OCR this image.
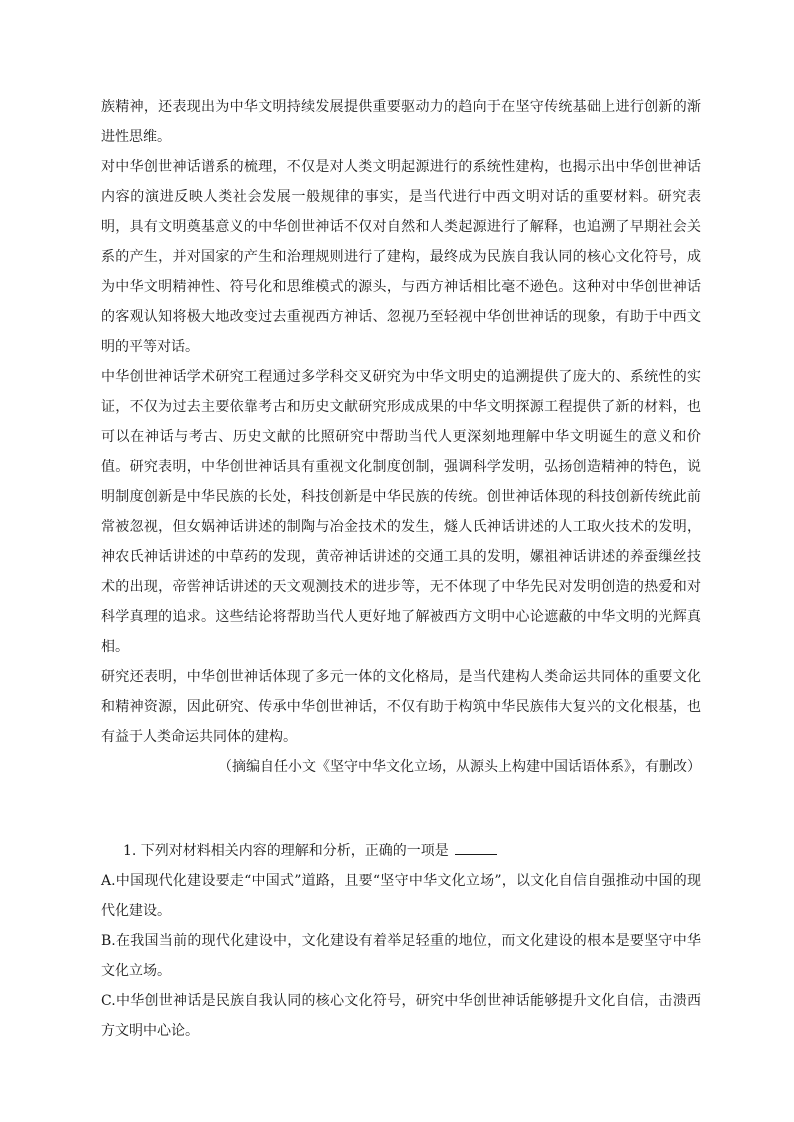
族精神，还表现出为中华文明持续发展提供重要驱动力的趋向于在坚守传统基础上进行创新的渐进性思维。

对中华创世神话谱系的梳理，不仅是对人类文明起源进行的系统性建构，也揭示出中华创世神话内容的演进反映人类社会发展一般规律的事实，是当代进行中西文明对话的重要材料。研究表明，具有文明奠基意义的中华创世神话不仅对自然和人类起源进行了解释，也追溯了早期社会关系的产生，并对国家的产生和治理规则进行了建构，最终成为民族自我认同的核心文化符号，成为中华文明精神性、符号化和思维模式的源头，与西方神话相比毫不逊色。这种对中华创世神话的客观认知将极大地改变过去重视西方神话、忽视乃至轻视中华创世神话的现象，有助于中西文明的平等对话。

中华创世神话学术研究工程通过多学科交叉研究为中华文明史的追溯提供了庞大的、系统性的实证，不仅为过去主要依靠考古和历史文献研究形成成果的中华文明探源工程提供了新的材料，也可以在神话与考古、历史文献的比照研究中帮助当代人更深刻地理解中华文明诞生的意义和价值。研究表明，中华创世神话具有重视文化制度创制，强调科学发明，弘扬创造精神的特色，说明制度创新是中华民族的长处，科技创新是中华民族的传统。创世神话体现的科技创新传统此前常被忽视，但女娲神话讲述的制陶与冶金技术的发生，燧人氏神话讲述的人工取火技术的发明，神农氏神话讲述的中草药的发现，黄帝神话讲述的交通工具的发明，嫘祖神话讲述的养蚕缫丝技术的出现，帝喾神话讲述的天文观测技术的进步等，无不体现了中华先民对发明创造的热爱和对科学真理的追求。这些结论将帮助当代人更好地了解被西方文明中心论遮蔽的中华文明的光辉真相。

研究还表明，中华创世神话体现了多元一体的文化格局，是当代建构人类命运共同体的重要文化和精神资源，因此研究、传承中华创世神话，不仅有助于构筑中华民族伟大复兴的文化根基，也有益于人类命运共同体的建构。

（摘编自任小文《坚守中华文化立场，从源头上构建中国话语体系》，有删改）

1. 下列对材料相关内容的理解和分析，正确的一项是

A.中国现代化建设要走“中国式”道路，且要“坚守中华文化立场”，以文化自信自强推动中国的现代化建设。

B.在我国当前的现代化建设中，文化建设有着举足轻重的地位，而文化建设的根本是要坚守中华文化立场。

C.中华创世神话是民族自我认同的核心文化符号，研究中华创世神话能够提升文化自信，击溃西方文明中心论。
